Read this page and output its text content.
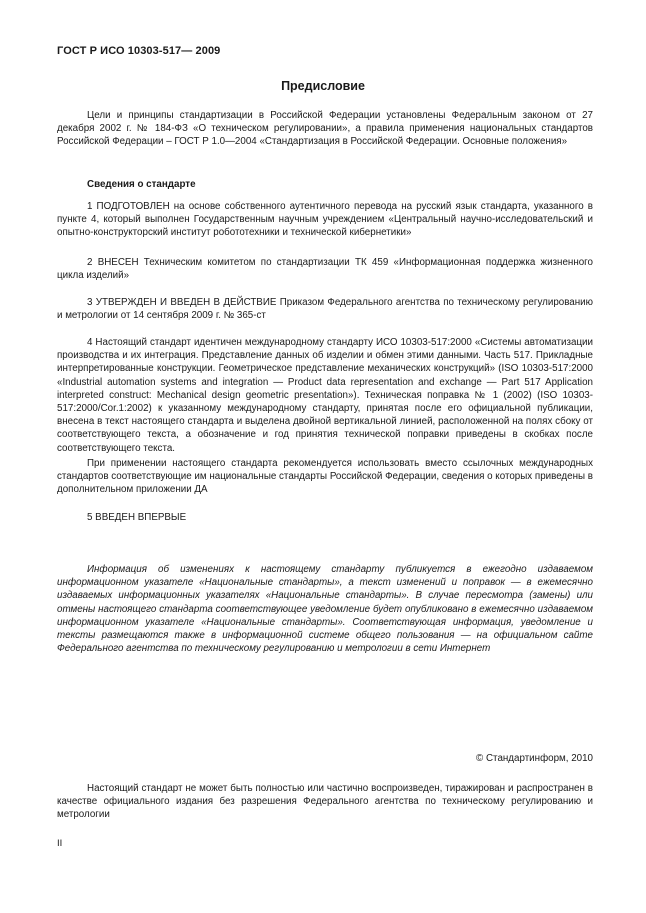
ГОСТ Р ИСО 10303-517— 2009
Предисловие

Цели и принципы стандартизации в Российской Федерации установлены Федеральным законом от 27 декабря 2002 г. № 184-ФЗ «О техническом регулировании», а правила применения национальных стандартов Российской Федерации – ГОСТ Р 1.0—2004 «Стандартизация в Российской Федерации. Основные положения»

Сведения о стандарте

1 ПОДГОТОВЛЕН на основе собственного аутентичного перевода на русский язык стандарта, указанного в пункте 4, который выполнен Государственным научным учреждением «Центральный научно-исследовательский и опытно-конструкторский институт робототехники и технической кибернетики»

2 ВНЕСЕН Техническим комитетом по стандартизации ТК 459 «Информационная поддержка жизненного цикла изделий»

3 УТВЕРЖДЕН И ВВЕДЕН В ДЕЙСТВИЕ Приказом Федерального агентства по техническому регулированию и метрологии от 14 сентября 2009 г. № 365-ст

4 Настоящий стандарт идентичен международному стандарту ИСО 10303-517:2000 «Системы автоматизации производства и их интеграция. Представление данных об изделии и обмен этими данными. Часть 517. Прикладные интерпретированные конструкции. Геометрическое представление механических конструкций» (ISO 10303-517:2000 «Industrial automation systems and integration — Product data representation and exchange — Part 517 Application interpreted construct: Mechanical design geometric presentation»). Техническая поправка № 1 (2002) (ISO 10303-517:2000/Cor.1:2002) к указанному международному стандарту, принятая после его официальной публикации, внесена в текст настоящего стандарта и выделена двойной вертикальной линией, расположенной на полях сбоку от соответствующего текста, а обозначение и год принятия технической поправки приведены в скобках после соответствующего текста.

При применении настоящего стандарта рекомендуется использовать вместо ссылочных международных стандартов соответствующие им национальные стандарты Российской Федерации, сведения о которых приведены в дополнительном приложении ДА

5 ВВЕДЕН ВПЕРВЫЕ

Информация об изменениях к настоящему стандарту публикуется в ежегодно издаваемом информационном указателе «Национальные стандарты», а текст изменений и поправок — в ежемесячно издаваемых информационных указателях «Национальные стандарты». В случае пересмотра (замены) или отмены настоящего стандарта соответствующее уведомление будет опубликовано в ежемесячно издаваемом информационном указателе «Национальные стандарты». Соответствующая информация, уведомление и тексты размещаются также в информационной системе общего пользования — на официальном сайте Федерального агентства по техническому регулированию и метрологии в сети Интернет

© Стандартинформ, 2010

Настоящий стандарт не может быть полностью или частично воспроизведен, тиражирован и распространен в качестве официального издания без разрешения Федерального агентства по техническому регулированию и метрологии

II
